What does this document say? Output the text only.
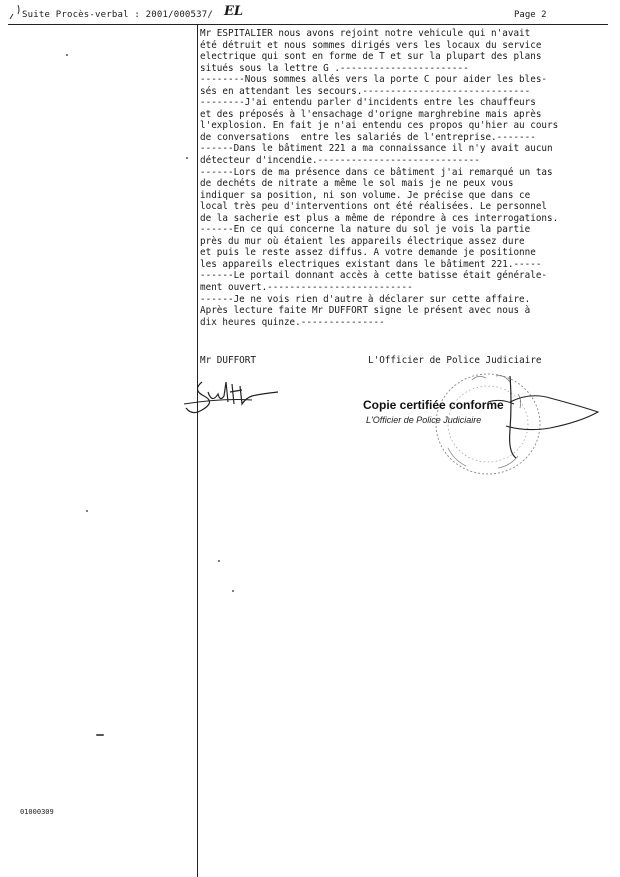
Suite Procès-verbal : 2001/000537/ EL	Page 2
Mr ESPITALIER nous avons rejoint notre vehicule qui n'avait
été détruit et nous sommes dirigés vers les locaux du service
electrique qui sont en forme de T et sur la plupart des plans
situés sous la lettre G .-----------------------
--------Nous sommes allés vers la porte C pour aider les bles-
sés en attendant les secours.------------------------------
--------J'ai entendu parler d'incidents entre les chauffeurs
et des préposés à l'ensachage d'origne marghrebine mais après
l'explosion. En fait je n'ai entendu ces propos qu'hier au cours
de conversations  entre les salariés de l'entreprise.-------
------Dans le bâtiment 221 a ma connaissance il n'y avait aucun
détecteur d'incendie.-----------------------------
------Lors de ma présence dans ce bâtiment j'ai remarqué un tas
de dechéts de nitrate a même le sol mais je ne peux vous
indiquer sa position, ni son volume. Je précise que dans ce
local très peu d'interventions ont été réalisées. Le personnel
de la sacherie est plus a même de répondre à ces interrogations.
------En ce qui concerne la nature du sol je vois la partie
près du mur où étaient les appareils électrique assez dure
et puis le reste assez diffus. A votre demande je positionne
les appareils electriques existant dans le bâtiment 221.-----
------Le portail donnant accès à cette batisse était générale-
ment ouvert.--------------------------
------Je ne vois rien d'autre à déclarer sur cette affaire.
Après lecture faite Mr DUFFORT signe le présent avec nous à
dix heures quinze.---------------

Mr DUFFORT

	L'Officier de Police Judiciaire

Copie certifiée conforme
L'Officier de Police Judiciaire
01000309
